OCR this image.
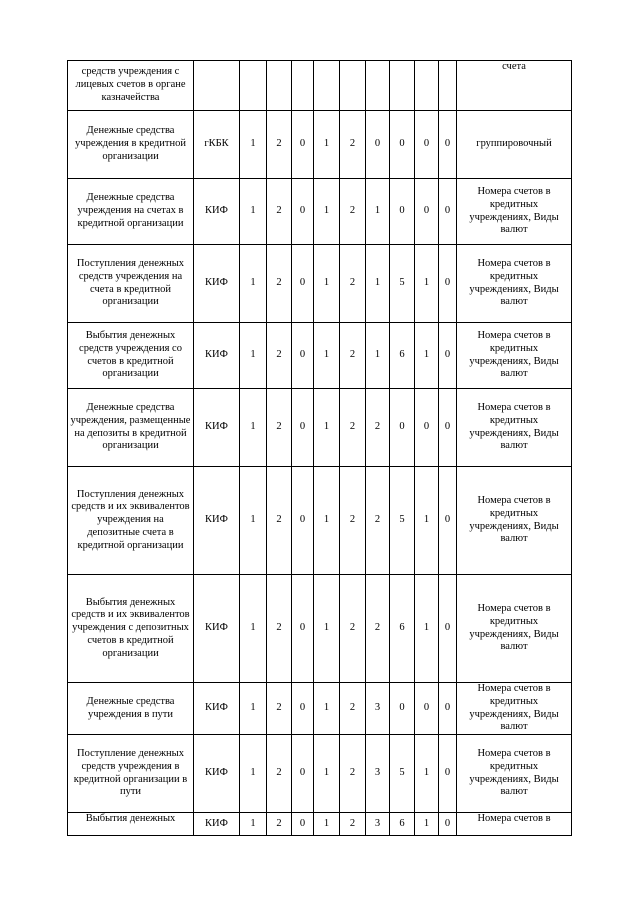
средств учреждения с лицевых счетов в органе казначейства											счета
Денежные средства учреждения в кредитной организации	гКБК	1	2	0	1	2	0	0	0	0	группировочный
Денежные средства учреждения на счетах в кредитной организации	КИФ	1	2	0	1	2	1	0	0	0	Номера счетов в кредитных учреждениях, Виды валют
Поступления денежных средств учреждения на счета в кредитной организации	КИФ	1	2	0	1	2	1	5	1	0	Номера счетов в кредитных учреждениях, Виды валют
Выбытия денежных средств учреждения со счетов в кредитной организации	КИФ	1	2	0	1	2	1	6	1	0	Номера счетов в кредитных учреждениях, Виды валют
Денежные средства учреждения, размещенные на депозиты в кредитной организации	КИФ	1	2	0	1	2	2	0	0	0	Номера счетов в кредитных учреждениях, Виды валют
Поступления денежных средств и их эквивалентов учреждения на депозитные счета в кредитной организации	КИФ	1	2	0	1	2	2	5	1	0	Номера счетов в кредитных учреждениях, Виды валют
Выбытия денежных средств и их эквивалентов учреждения с депозитных счетов в кредитной организации	КИФ	1	2	0	1	2	2	6	1	0	Номера счетов в кредитных учреждениях, Виды валют
Денежные средства учреждения в пути	КИФ	1	2	0	1	2	3	0	0	0	Номера счетов в кредитных учреждениях, Виды валют
Поступление денежных средств учреждения в кредитной организации в пути	КИФ	1	2	0	1	2	3	5	1	0	Номера счетов в кредитных учреждениях, Виды валют
Выбытия денежных	КИФ	1	2	0	1	2	3	6	1	0	Номера счетов в
